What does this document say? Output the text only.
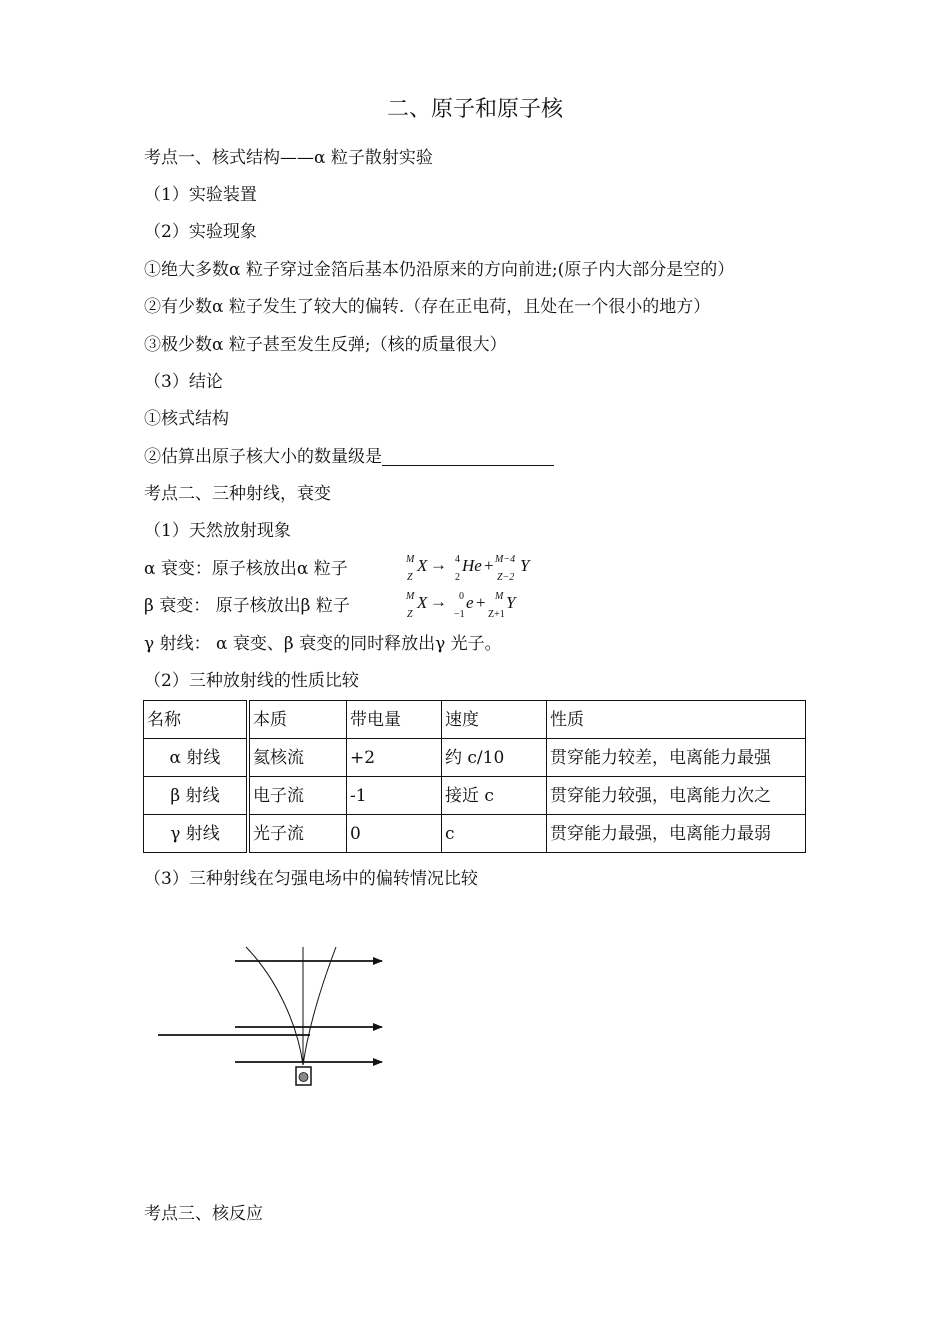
二、原子和原子核
考点一、核式结构——α 粒子散射实验
（1）实验装置
（2）实验现象
①绝大多数α 粒子穿过金箔后基本仍沿原来的方向前进;(原子内大部分是空的）
②有少数α 粒子发生了较大的偏转.（存在正电荷，且处在一个很小的地方）
③极少数α 粒子甚至发生反弹;（核的质量很大）
（3）结论
①核式结构
②估算出原子核大小的数量级是
考点二、三种射线，衰变
（1）天然放射现象
α 衰变：原子核放出α 粒子	M
Z
X → 4
2
He + M−4
Z−2
Y
β 衰变： 原子核放出β 粒子	M
Z
X → 0
−1
e + M
Z+1
Y
γ 射线： α 衰变、β 衰变的同时释放出γ 光子。
（2）三种放射线的性质比较
名称	本质	带电量	速度	性质
α 射线	氦核流	+2	约 c/10	贯穿能力较差，电离能力最强
β 射线	电子流	-1	接近 c	贯穿能力较强，电离能力次之
γ 射线	光子流	0	c	贯穿能力最强，电离能力最弱
（3）三种射线在匀强电场中的偏转情况比较
考点三、核反应
